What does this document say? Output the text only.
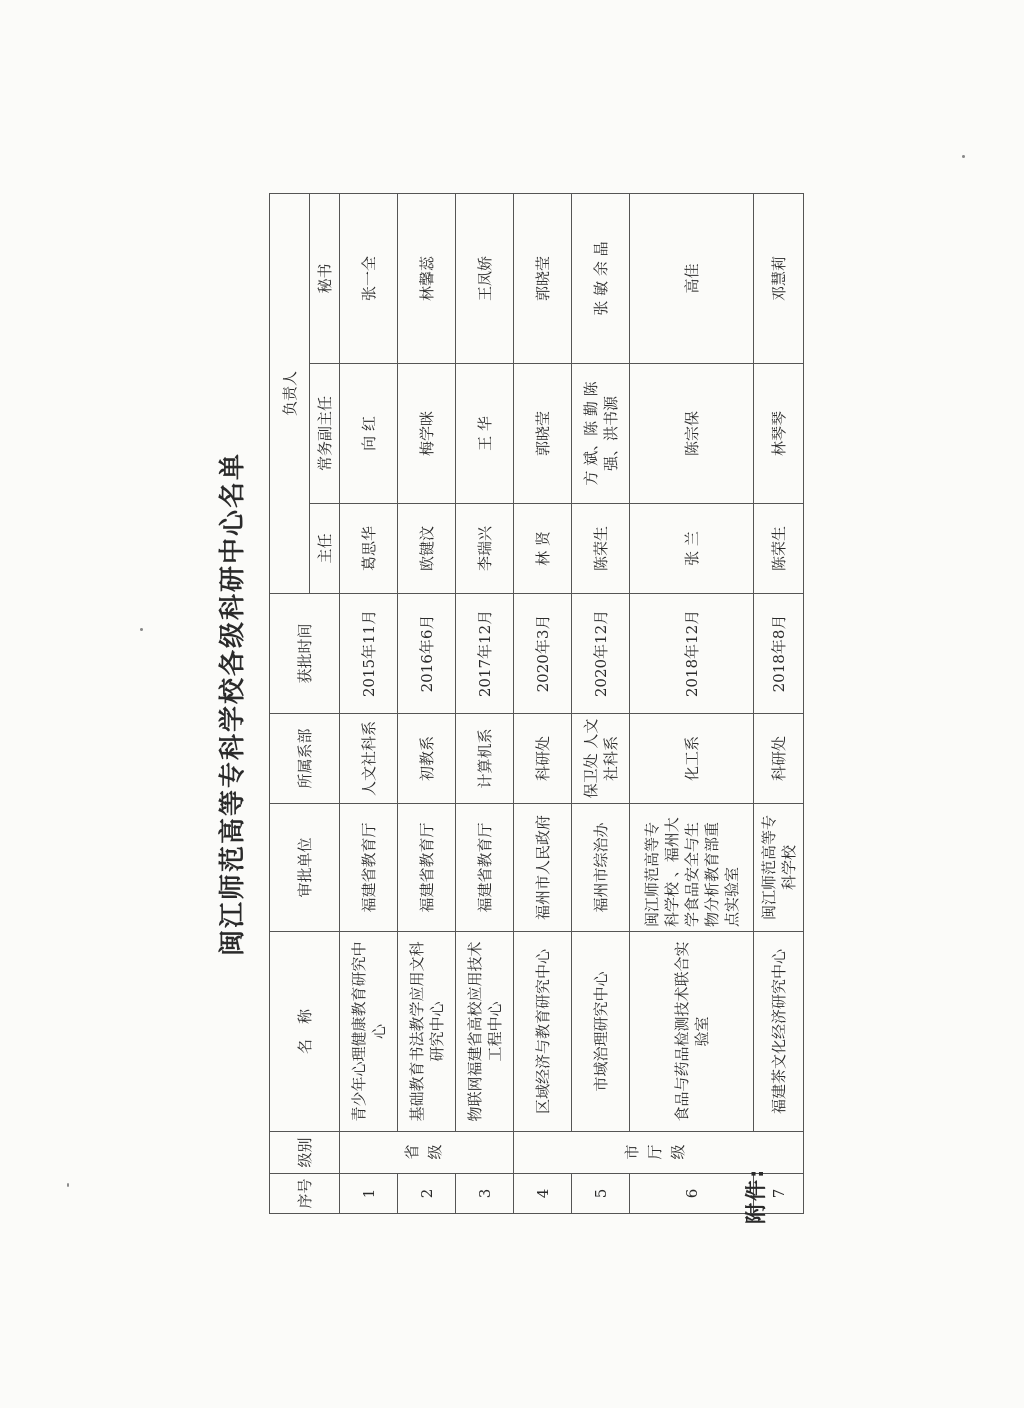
闽江师范高等专科学校各级科研中心名单
序号	级别	名　称	审批单位	所属系部	获批时间	负责人		
						主任	常务副主任	秘书
1	省级	青少年心理健康教育研究中心	福建省教育厅	人文社科系	2015年11月	葛思华	向 红	张一全
2		基础教育书法教学应用文科研究中心	福建省教育厅	初教系	2016年6月	欧键汶	梅学咪	林馨蕊
3		物联网福建省高校应用技术工程中心	福建省教育厅	计算机系	2017年12月	李瑞兴	王 华	王凤娇
4	市厅级	区域经济与教育研究中心	福州市人民政府	科研处	2020年3月	林 贤	郭晓莹	郭晓莹
5		市域治理研究中心	福州市综治办	保卫处 人文社科系	2020年12月	陈荣生	方 斌、陈 勤 陈 强、洪书源	张 敏 余 晶
6		食品与药品检测技术联合实验室	闽江师范高等专科学校 、福州大学食品安全与生物分析教育部重点实验室	化工系	2018年12月	张 兰	陈宗保	高佳
7		福建茶文化经济研究中心	闽江师范高等专科学校	科研处	2018年8月	陈荣生	林琴琴	邓慧莉
附件:
